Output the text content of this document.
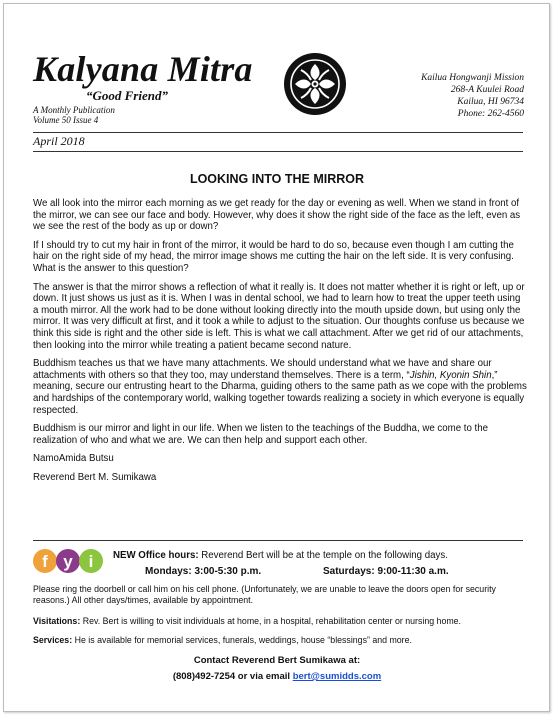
Kalyana Mitra
“Good Friend”
A Monthly Publication
Volume 50 Issue 4
Kailua Hongwanji Mission
268-A Kuulei Road
Kailua, HI 96734
Phone: 262-4560
April 2018
LOOKING INTO THE MIRROR

We all look into the mirror each morning as we get ready for the day or evening as well. When we stand in front of the mirror, we can see our face and body. However, why does it show the right side of the face as the left, even as we see the rest of the body as up or down?

If I should try to cut my hair in front of the mirror, it would be hard to do so, because even though I am cutting the hair on the right side of my head, the mirror image shows me cutting the hair on the left side. It is very confusing. What is the answer to this question?

The answer is that the mirror shows a reflection of what it really is. It does not matter whether it is right or left, up or down. It just shows us just as it is. When I was in dental school, we had to learn how to treat the upper teeth using a mouth mirror. All the work had to be done without looking directly into the mouth upside down, but using only the mirror. It was very difficult at first, and it took a while to adjust to the situation. Our thoughts confuse us because we think this side is right and the other side is left. This is what we call attachment. After we get rid of our attachments, then looking into the mirror while treating a patient became second nature.

Buddhism teaches us that we have many attachments. We should understand what we have and share our attachments with others so that they too, may understand themselves. There is a term, “Jishin, Kyonin Shin,” meaning, secure our entrusting heart to the Dharma, guiding others to the same path as we cope with the problems and hardships of the contemporary world, walking together towards realizing a society in which everyone is equally respected.

Buddhism is our mirror and light in our life. When we listen to the teachings of the Buddha, we come to the realization of who and what we are. We can then help and support each other.

NamoAmida Butsu

Reverend Bert M. Sumikawa

f y i NEW Office hours: Reverend Bert will be at the temple on the following days.
Mondays: 3:00-5:30 p.m.	Saturdays: 9:00-11:30 a.m.
Please ring the doorbell or call him on his cell phone. (Unfortunately, we are unable to leave the doors open for security reasons.) All other days/times, available by appointment.
Visitations: Rev. Bert is willing to visit individuals at home, in a hospital, rehabilitation center or nursing home.
Services: He is available for memorial services, funerals, weddings, house “blessings” and more.
Contact Reverend Bert Sumikawa at:
(808)492-7254 or via email bert@sumidds.com
